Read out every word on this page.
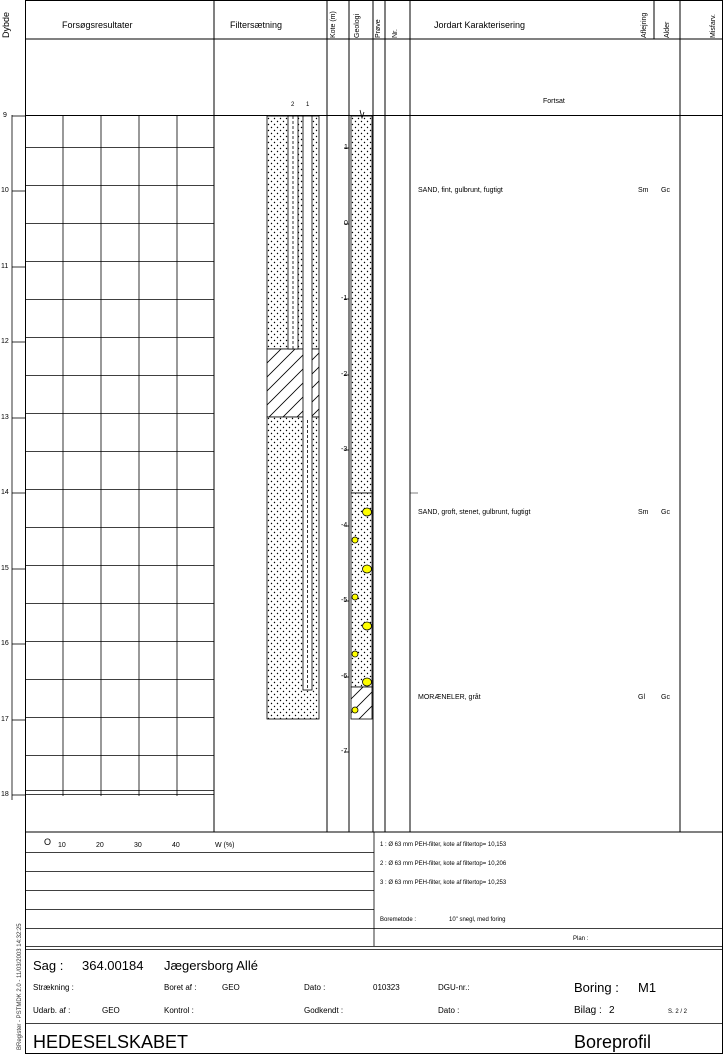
Dybde	Forsøgsresultater	Filtersætning	Kote (m) Geologi Prøve Nr.
Jordart Karakterisering	Aflejring Alder	Misfarv.
Fortsat
2 1
9
10
11
12
13
14
15
16
17
18
1
0
-1
-2
-3
-4
-5
-6
-7
SAND, fint, gulbrunt, fugtigt	Sm Gc
SAND, groft, stenet, gulbrunt, fugtigt	Sm Gc
MORÆNELER, gråt	Gl Gc
O 10	20	30	40	W (%)	1 : Ø 63 mm PEH-filter, kote af filtertop= 10,153
2 : Ø 63 mm PEH-filter, kote af filtertop= 10,206
3 : Ø 63 mm PEH-filter, kote af filtertop= 10,253
Boremetode :	10" snegl, med foring
Plan :
BRegister - PSTMDK 2.0 - 11/03/2003 14:32:25 Sag : 364.00184 Jægersborg Allé
Strækning :	Boret af :	GEO	Dato :	010323	DGU-nr.:	Boring : M1
Udarb. af :	GEO	Kontrol :	Godkendt :	Dato :	Bilag : 2	S. 2 / 2
HEDESELSKABET	Boreprofil
